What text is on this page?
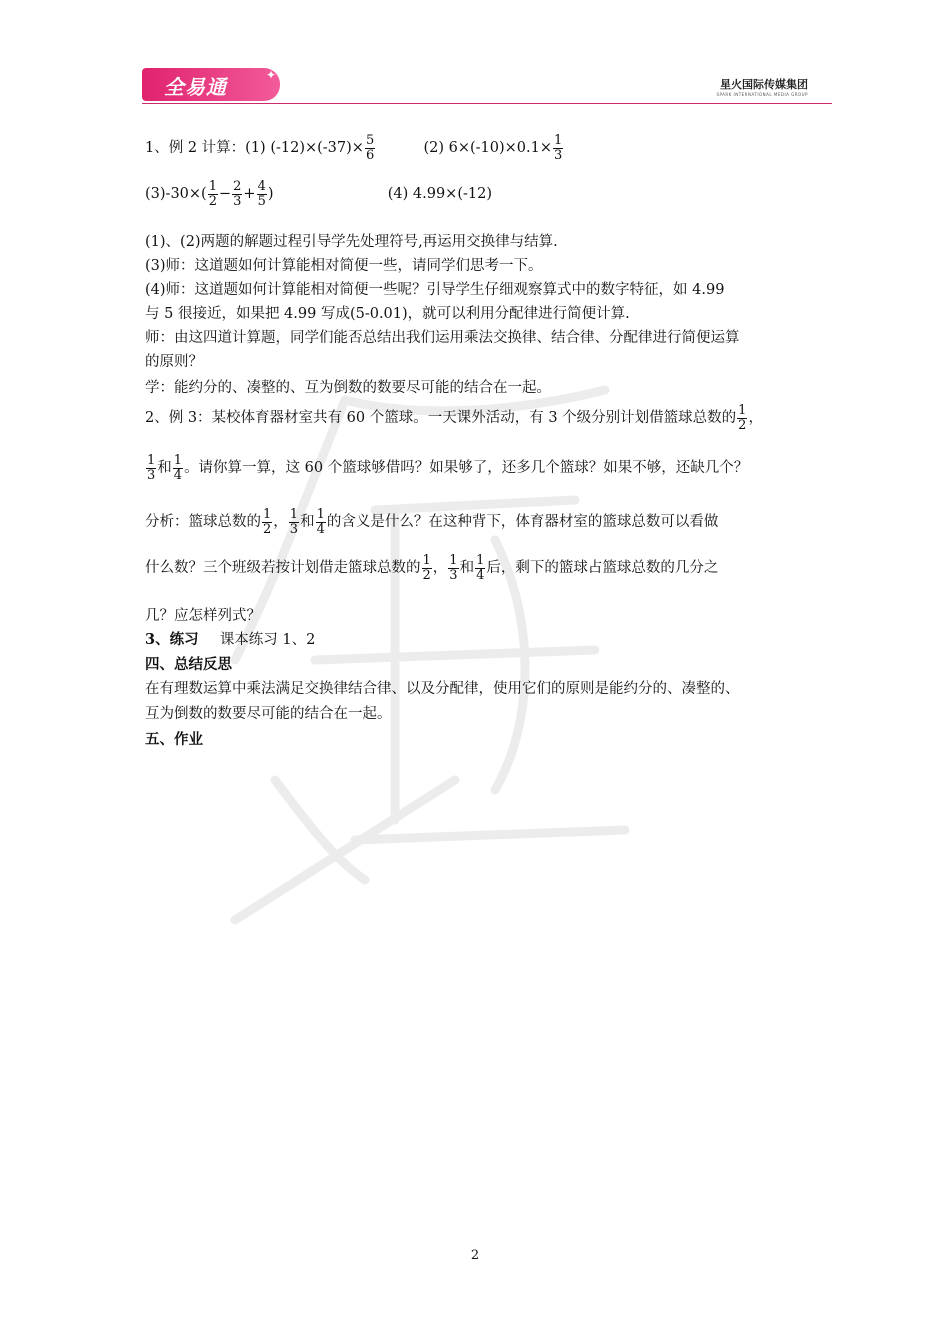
全易通	✦
星火国际传媒集团
SPARK INTERNATIONAL MEDIA GROUP
1、例 2 计算：(1) $(-12)\times(-37)\times \frac{5}{6}$	(2) $6\times(-10)\times 0.1\times \frac{1}{3}$
$(3)-30\times( \frac{1}{2} - \frac{2}{3} + \frac{4}{5}$ )	(4) 4.99×(-12)
(1)、(2)两题的解题过程引导学先处理符号,再运用交换律与结算.
(3)师：这道题如何计算能相对简便一些，请同学们思考一下。
(4)师：这道题如何计算能相对简便一些呢？引导学生仔细观察算式中的数字特征，如 4.99
与 5 很接近，如果把 4.99 写成(5-0.01)，就可以利用分配律进行简便计算.
师：由这四道计算题，同学们能否总结出我们运用乘法交换律、结合律、分配律进行简便运算
的原则？
学：能约分的、凑整的、互为倒数的数要尽可能的结合在一起。
2、例 3：某校体育器材室共有 60 个篮球。一天课外活动，有 3 个级分别计划借篮球总数的 $\frac{1}{2}$ ，
$\frac{1}{3}$ 和 $\frac{1}{4}$ 。请你算一算，这 60 个篮球够借吗？如果够了，还多几个篮球？如果不够，还缺几个？
分析：篮球总数的 $\frac{1}{2}$ ， $\frac{1}{3}$ 和 $\frac{1}{4}$ 的含义是什么？在这种背下，体育器材室的篮球总数可以看做
什么数？三个班级若按计划借走篮球总数的 $\frac{1}{2}$ ， $\frac{1}{3}$ 和 $\frac{1}{4}$ 后，剩下的篮球占篮球总数的几分之
几？应怎样列式？
3、练习 课本练习 1、2
四、总结反思
在有理数运算中乘法满足交换律结合律、以及分配律，使用它们的原则是能约分的、凑整的、
互为倒数的数要尽可能的结合在一起。
五、作业
2
